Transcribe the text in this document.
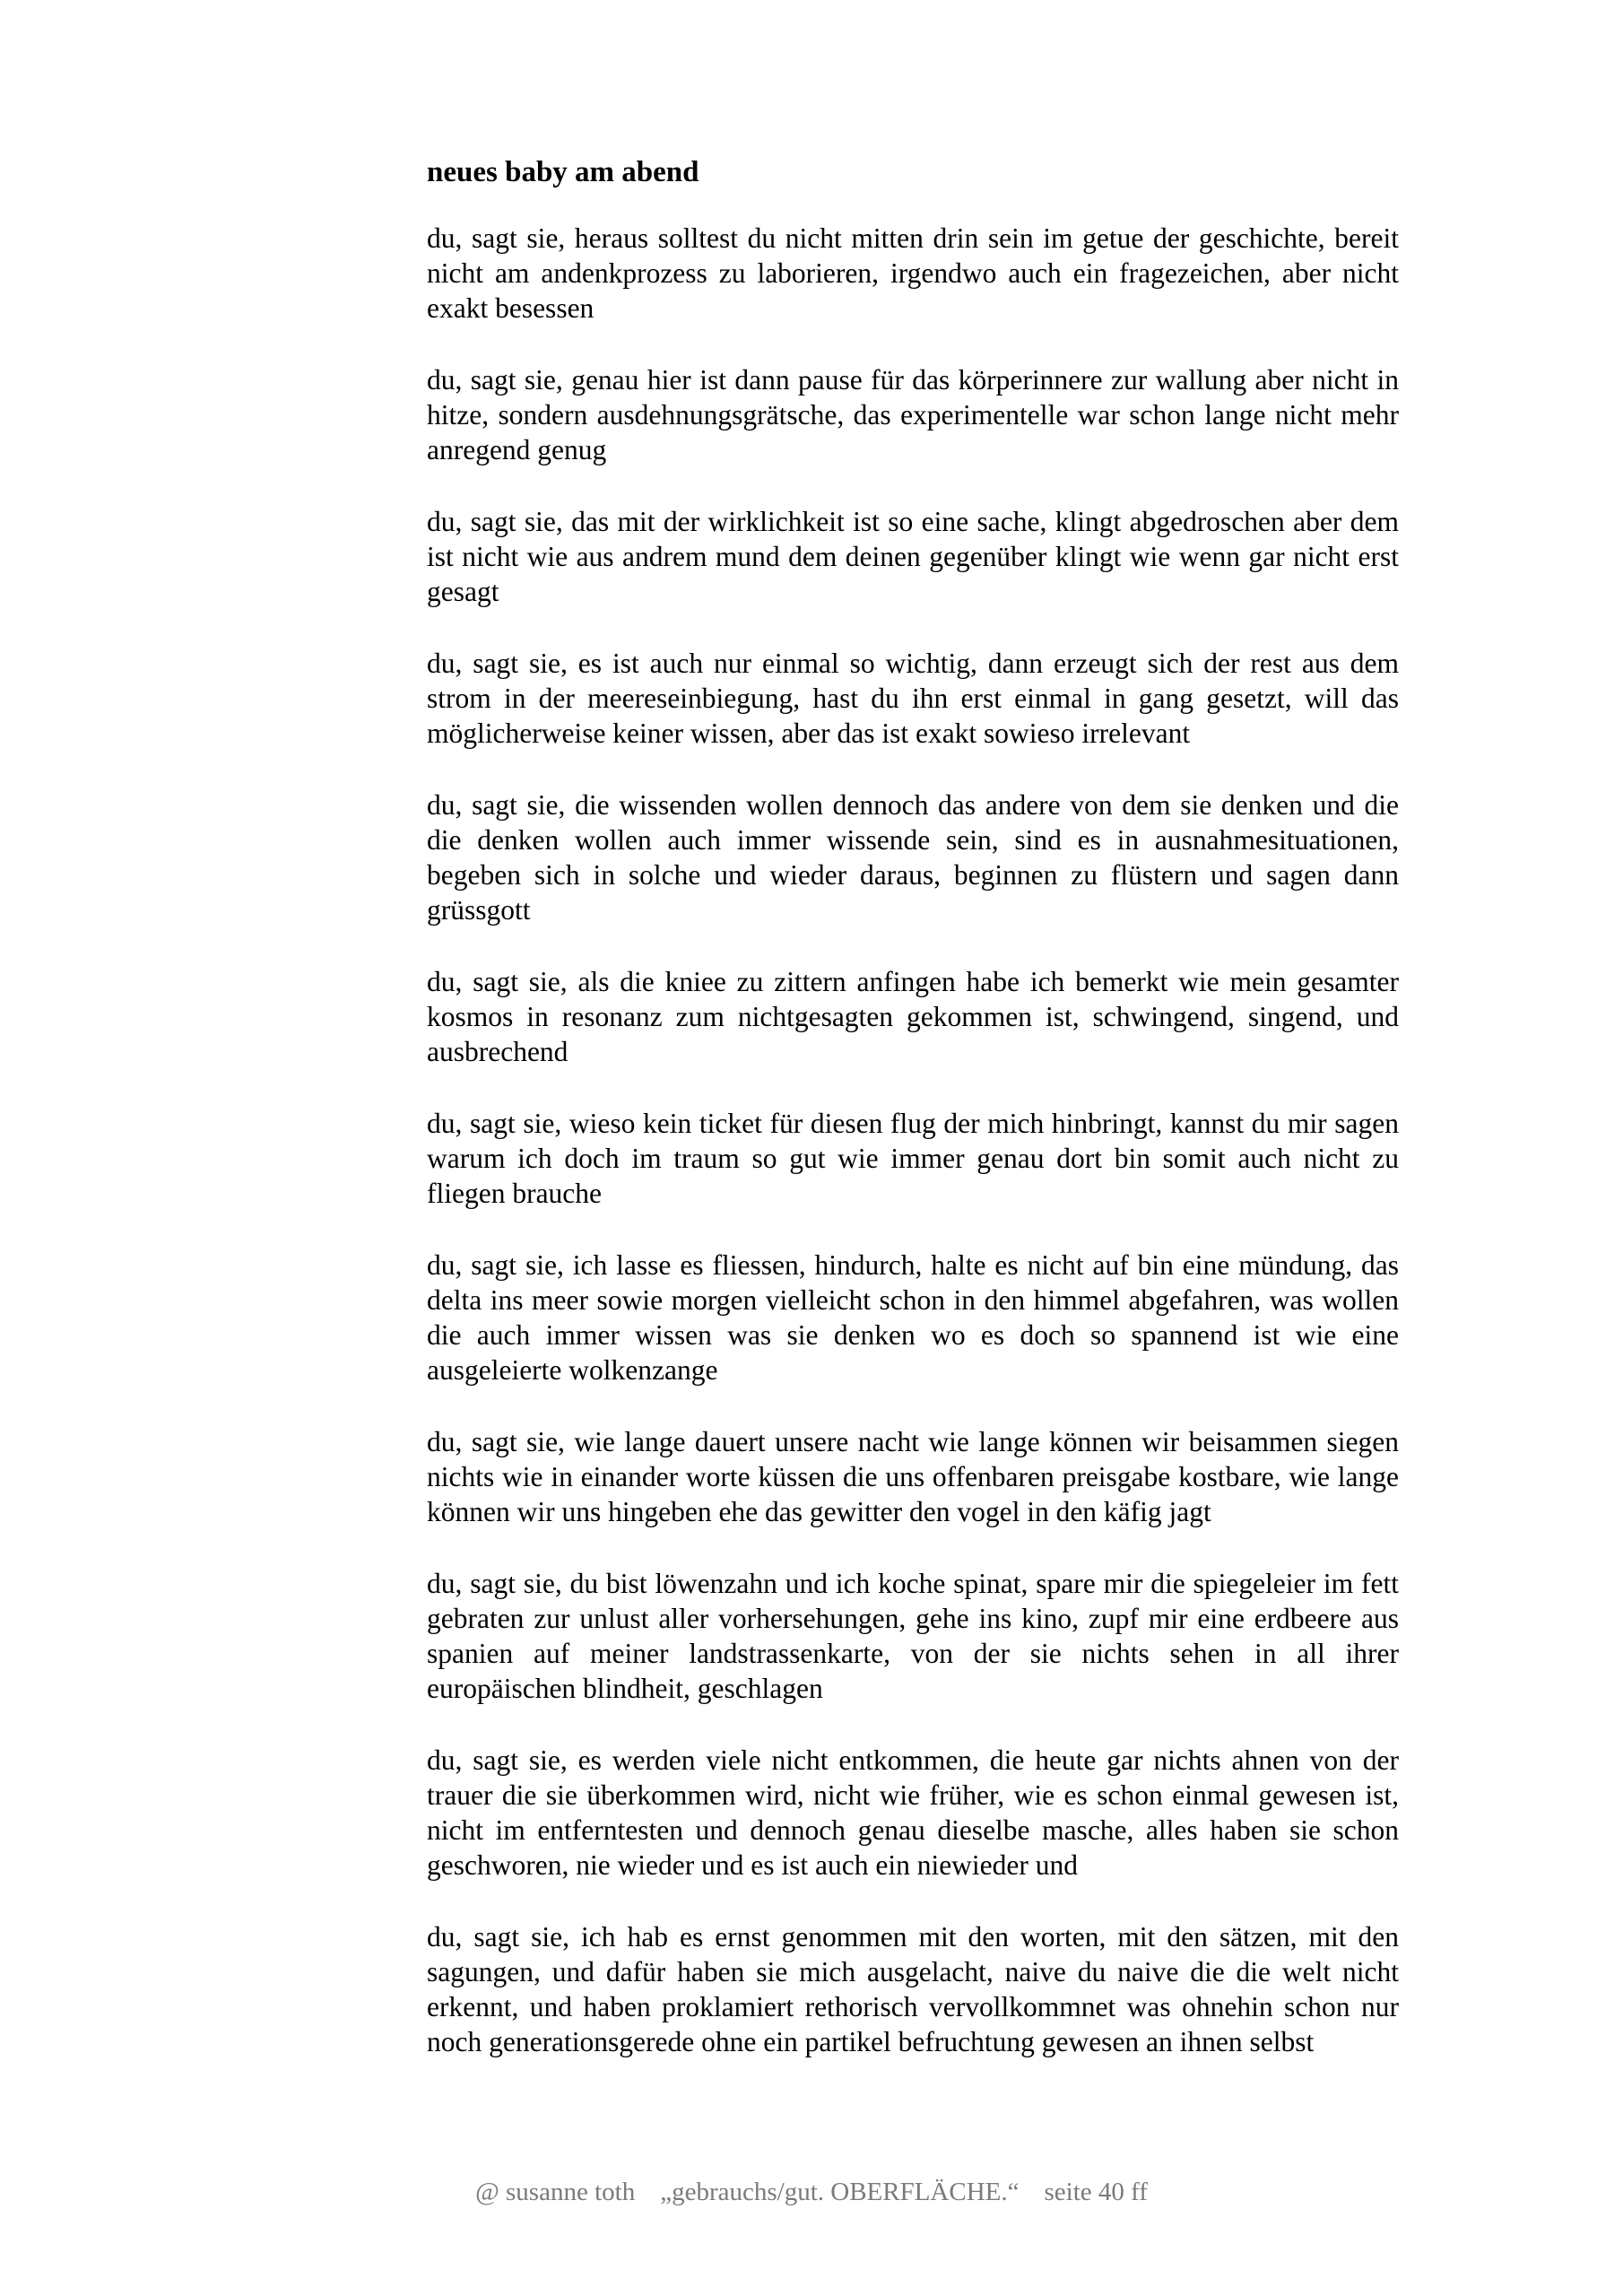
neues baby am abend
du, sagt sie, heraus solltest du nicht mitten drin sein im getue der geschichte, bereit nicht am andenkprozess zu laborieren, irgendwo auch ein fragezeichen, aber nicht exakt besessen
du, sagt sie, genau hier ist dann pause für das körperinnere zur wallung aber nicht in hitze, sondern ausdehnungsgrätsche, das experimentelle war schon lange nicht mehr anregend genug
du, sagt sie, das mit der wirklichkeit ist so eine sache, klingt abgedroschen aber dem ist nicht wie aus andrem mund dem deinen gegenüber klingt wie wenn gar nicht erst gesagt
du, sagt sie, es ist auch nur einmal so wichtig, dann erzeugt sich der rest aus dem strom in der meereseinbiegung, hast du ihn erst einmal in gang gesetzt, will das möglicherweise keiner wissen, aber das ist exakt sowieso irrelevant
du, sagt sie, die wissenden wollen dennoch das andere von dem sie denken und die die denken wollen auch immer wissende sein, sind es in ausnahmesituationen, begeben sich in solche und wieder daraus, beginnen zu flüstern und sagen dann grüssgott
du, sagt sie, als die kniee zu zittern anfingen habe ich bemerkt wie mein gesamter kosmos in resonanz zum nichtgesagten gekommen ist, schwingend, singend, und ausbrechend
du, sagt sie, wieso kein ticket für diesen flug der mich hinbringt, kannst du mir sagen warum ich doch im traum so gut wie immer genau dort bin somit auch nicht zu fliegen brauche
du, sagt sie, ich lasse es fliessen, hindurch, halte es nicht auf bin eine mündung, das delta ins meer sowie morgen vielleicht schon in den himmel abgefahren, was wollen die auch immer wissen was sie denken wo es doch so spannend ist wie eine ausgeleierte wolkenzange
du, sagt sie, wie lange dauert unsere nacht wie lange können wir beisammen siegen nichts wie in einander worte küssen die uns offenbaren preisgabe kostbare, wie lange können wir uns hingeben ehe das gewitter den vogel in den käfig jagt
du, sagt sie, du bist löwenzahn und ich koche spinat, spare mir die spiegeleier im fett gebraten zur unlust aller vorhersehungen, gehe ins kino, zupf mir eine erdbeere aus spanien auf meiner landstrassenkarte, von der sie nichts sehen in all ihrer europäischen blindheit, geschlagen
du, sagt sie, es werden viele nicht entkommen, die heute gar nichts ahnen von der trauer die sie überkommen wird, nicht wie früher, wie es schon einmal gewesen ist, nicht im entferntesten und dennoch genau dieselbe masche, alles haben sie schon geschworen, nie wieder und es ist auch ein niewieder und
du, sagt sie, ich hab es ernst genommen mit den worten, mit den sätzen, mit den sagungen, und dafür haben sie mich ausgelacht, naive du naive die die welt nicht erkennt, und haben proklamiert rethorisch vervollkommnet was ohnehin schon nur noch generationsgerede ohne ein partikel befruchtung gewesen an ihnen selbst
@ susanne toth „gebrauchs/gut. OBERFLÄCHE.“ seite 40 ff
